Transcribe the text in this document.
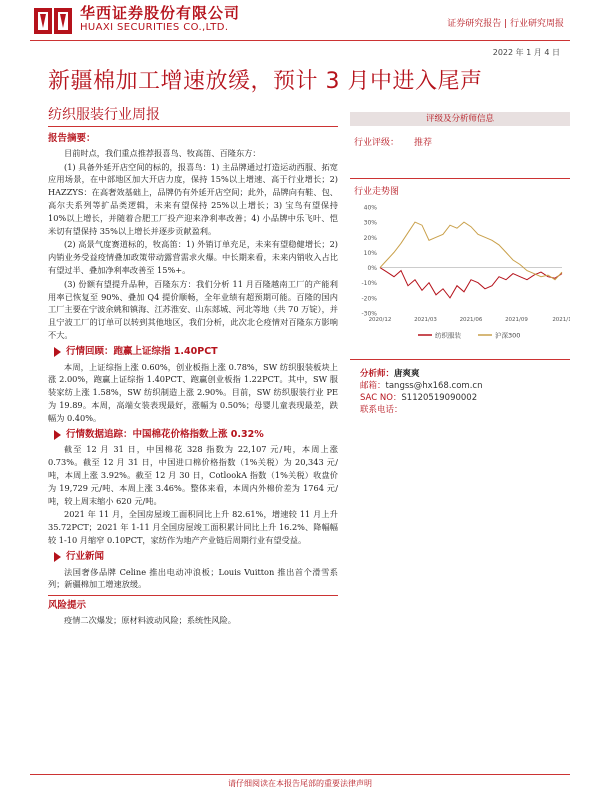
华西证券股份有限公司
HUAXI SECURITIES CO.,LTD.	证券研究报告 | 行业研究周报
2022 年 1 月 4 日
新疆棉加工增速放缓，预计 3 月中进入尾声
纺织服装行业周报
报告摘要：

目前时点，我们重点推荐报喜鸟、牧高笛、百隆东方：

(1) 具备外延开店空间的标的，报喜鸟：1) 主品牌通过打造运动西服、拓宽应用场景，在中部地区加大开店力度，保持 15%以上增速、高于行业增长；2) HAZZYS：在高奢效基础上，品牌仍有外延开店空间；此外，品牌向有鞋、包、高尔夫系列等扩品类逻辑，未来有望保持 25%以上增长；3) 宝鸟有望保持 10%以上增长，并随着合肥工厂投产迎来净利率改善；4) 小品牌中乐飞叶、恺米切有望保持 35%以上增长并逐步贡献盈利。

(2) 高景气度赛道标的，牧高笛：1) 外销订单充足，未来有望稳健增长；2) 内销业务受益疫情叠加政策带动露营需求火爆。中长期来看，未来内销收入占比有望过半、叠加净利率改善至 15%+。

(3) 份额有望提升品种，百隆东方：我们分析 11 月百隆越南工厂的产能利用率已恢复至 90%、叠加 Q4 提价顺畅，全年业绩有超预期可能。百隆的国内工厂主要在宁波余姚和镇海、江苏淮安、山东郯城、河北等地（共 70 万锭），并且宁波工厂的订单可以转到其他地区，我们分析，此次北仑疫情对百隆东方影响不大。

行情回顾：跑赢上证综指 1.40PCT

本周，上证综指上涨 0.60%，创业板指上涨 0.78%，SW 纺织服装板块上涨 2.00%，跑赢上证综指 1.40PCT、跑赢创业板指 1.22PCT。其中，SW 服装家纺上涨 1.58%，SW 纺织制造上涨 2.90%。目前，SW 纺织服装行业 PE 为 19.89。本周，高端女装表现最好，涨幅为 0.50%；母婴儿童表现最差，跌幅为 0.40%。

行情数据追踪：中国棉花价格指数上涨 0.32%

截至 12 月 31 日，中国棉花 328 指数为 22,107 元/吨，本周上涨 0.73%。截至 12 月 31 日，中国进口棉价格指数（1%关税）为 20,343 元/吨，本周上涨 3.92%。截至 12 月 30 日，CotlookA 指数（1%关税）收盘价为 19,729 元/吨、本周上涨 3.46%。整体来看，本周内外棉价差为 1764 元/吨，较上周末缩小 620 元/吨。

2021 年 11 月，全国房屋竣工面积同比上升 82.61%，增速较 11 月上升 35.72PCT；2021 年 1-11 月全国房屋竣工面积累计同比上升 16.2%、降幅幅较 1-10 月缩窄 0.10PCT，家纺作为地产产业链后周期行业有望受益。

行业新闻

法国奢侈品牌 Celine 推出电动冲浪板；Louis Vuitton 推出首个滑雪系列；新疆棉加工增速放缓。

风险提示

疫情二次爆发；原材料波动风险；系统性风险。

评级及分析师信息
行业评级：	推荐
行业走势图
40%
30%
20%
10%
0%
-10%
-20%
-30%
2020/12	2021/03	2021/06	2021/09	2021/1
纺织服装	沪深300
分析师：唐爽爽
邮箱：tangss@hx168.com.cn
SAC NO：S1120519090002
联系电话：
请仔细阅读在本报告尾部的重要法律声明
